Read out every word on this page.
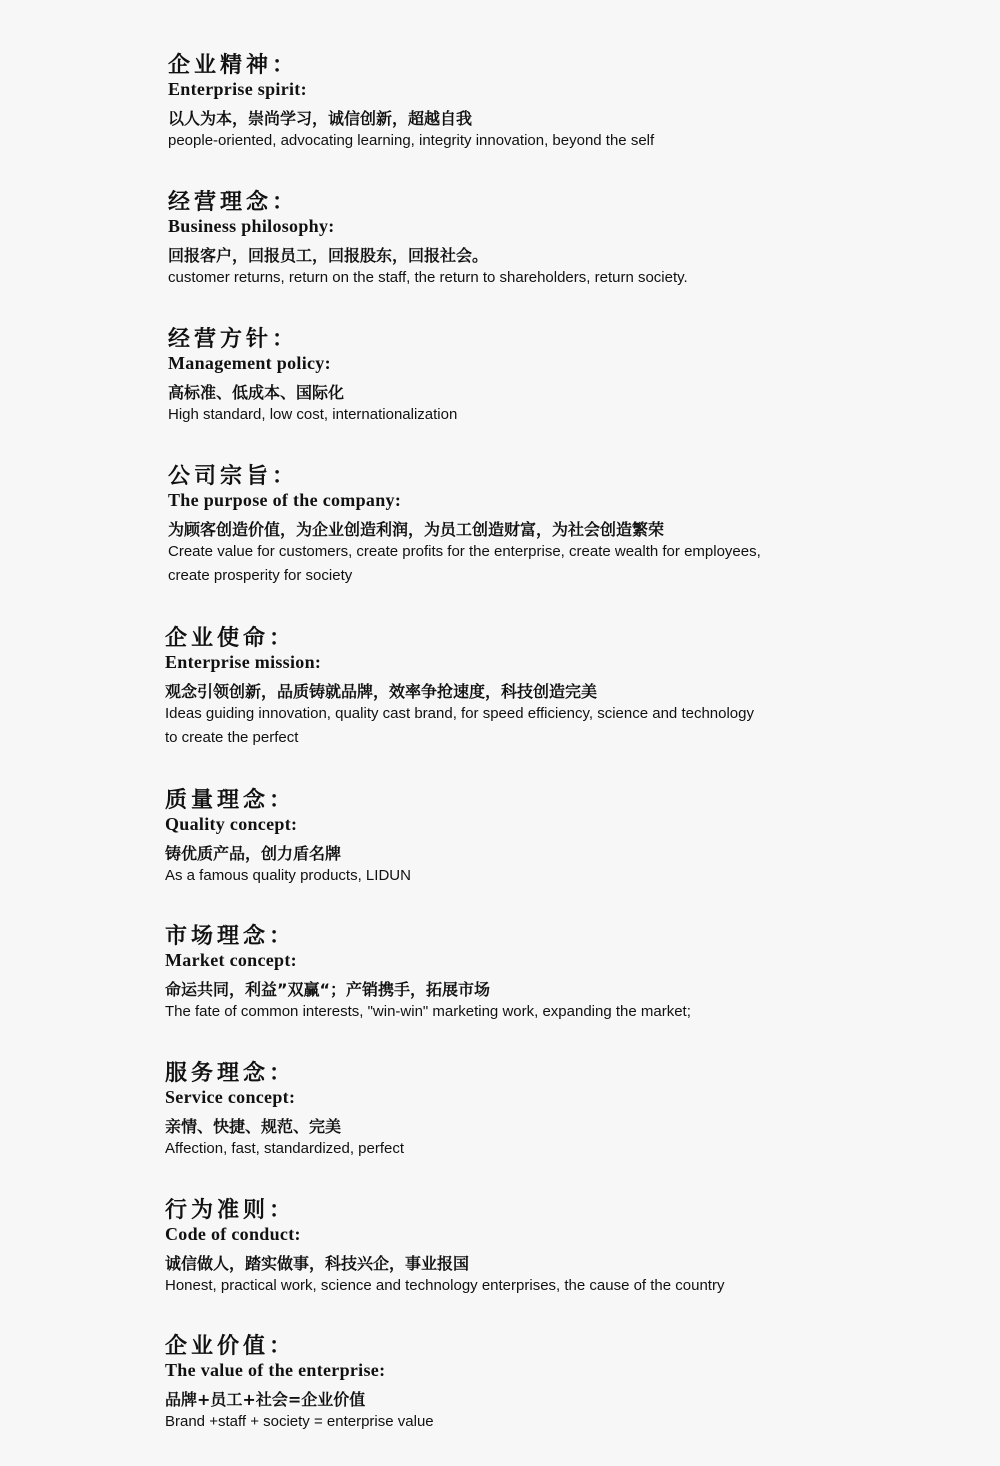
企业精神：
Enterprise spirit:
以人为本，崇尚学习，诚信创新，超越自我
people-oriented, advocating learning, integrity innovation, beyond the self
经营理念：
Business philosophy:
回报客户，回报员工，回报股东，回报社会。
customer returns, return on the staff, the return to shareholders, return society.
经营方针：
Management policy:
高标准、低成本、国际化
High standard, low cost, internationalization
公司宗旨：
The purpose of the company:
为顾客创造价值，为企业创造利润，为员工创造财富，为社会创造繁荣
Create value for customers, create profits for the enterprise, create wealth for employees,
create prosperity for society
企业使命：
Enterprise mission:
观念引领创新，品质铸就品牌，效率争抢速度，科技创造完美
Ideas guiding innovation, quality cast brand, for speed efficiency, science and technology
to create the perfect
质量理念：
Quality concept:
铸优质产品，创力盾名牌
As a famous quality products, LIDUN
市场理念：
Market concept:
命运共同，利益”双赢“；产销携手，拓展市场
The fate of common interests, "win-win" marketing work, expanding the market;
服务理念：
Service concept:
亲情、快捷、规范、完美
Affection, fast, standardized, perfect
行为准则：
Code of conduct:
诚信做人，踏实做事，科技兴企，事业报国
Honest, practical work, science and technology enterprises, the cause of the country
企业价值：
The value of the enterprise:
品牌+员工+社会=企业价值
Brand +staff + society = enterprise value
